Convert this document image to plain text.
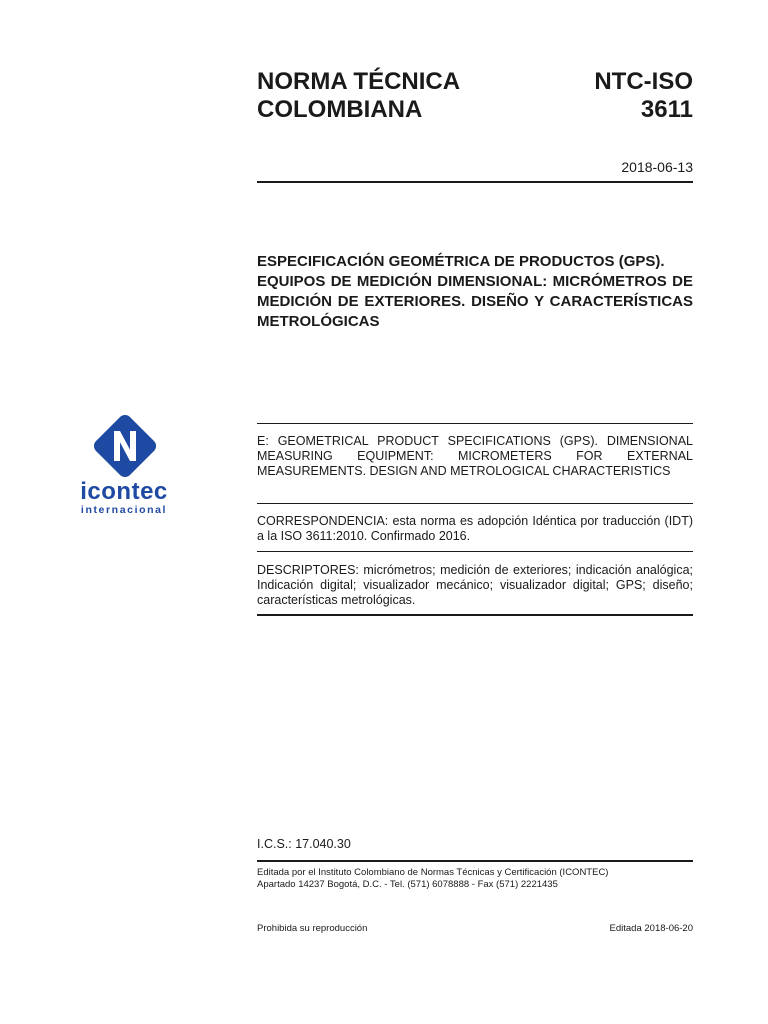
NORMA TÉCNICA
COLOMBIANA
NTC-ISO
3611
2018-06-13
ESPECIFICACIÓN GEOMÉTRICA DE PRODUCTOS (GPS).
EQUIPOS DE MEDICIÓN DIMENSIONAL: MICRÓMETROS DE MEDICIÓN DE EXTERIORES. DISEÑO Y CARACTERÍSTICAS METROLÓGICAS
icontec
internacional
E: GEOMETRICAL PRODUCT SPECIFICATIONS (GPS). DIMENSIONAL MEASURING EQUIPMENT: MICROMETERS FOR EXTERNAL MEASUREMENTS. DESIGN AND METROLOGICAL CHARACTERISTICS
CORRESPONDENCIA: esta norma es adopción Idéntica por traducción (IDT) a la ISO 3611:2010. Confirmado 2016.
DESCRIPTORES: micrómetros; medición de exteriores; indicación analógica; Indicación digital; visualizador mecánico; visualizador digital; GPS; diseño; características metrológicas.
I.C.S.: 17.040.30
Editada por el Instituto Colombiano de Normas Técnicas y Certificación (ICONTEC)
Apartado 14237 Bogotá, D.C. - Tel. (571) 6078888 - Fax (571) 2221435
Prohibida su reproducción	Editada 2018-06-20
